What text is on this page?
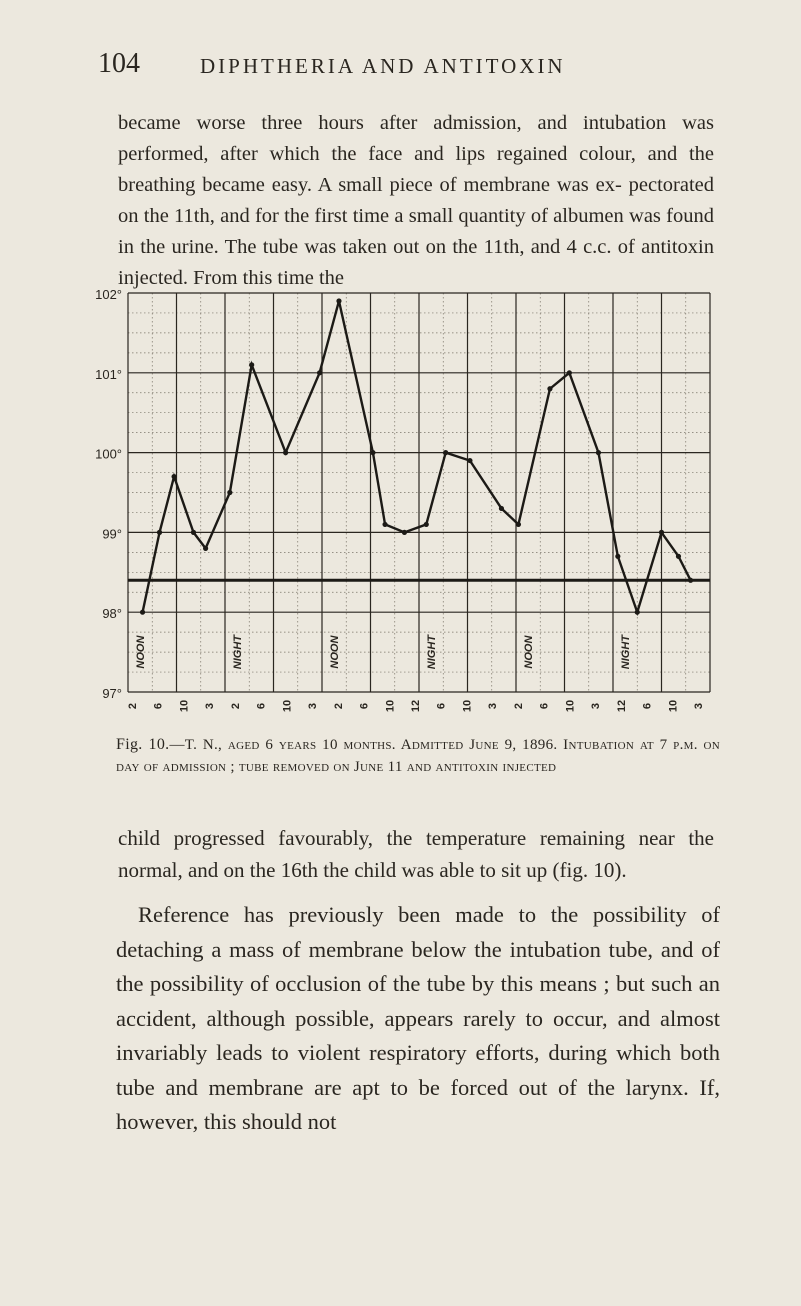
104	DIPHTHERIA AND ANTITOXIN

became worse three hours after admission, and intubation was performed, after which the face and lips regained colour, and the breathing became easy. A small piece of membrane was ex- pectorated on the 11th, and for the first time a small quantity of albumen was found in the urine. The tube was taken out on the 11th, and 4 c.c. of antitoxin injected. From this time the

102°
101°
100°
99°
98°
97°
NOON	NIGHT	NOON	NIGHT	NOON	NIGHT
2 6 10 3 2 6 10 3 2 6 10 12 6 10 3 2 6 10 3 12 6 10 3

Fig. 10.—T. N., aged 6 years 10 months. Admitted June 9, 1896. Intubation at 7 p.m. on day of admission ; tube removed on June 11 and antitoxin injected

child progressed favourably, the temperature remaining near the normal, and on the 16th the child was able to sit up (fig. 10).

Reference has previously been made to the possibility of detaching a mass of membrane below the intubation tube, and of the possibility of occlusion of the tube by this means ; but such an accident, although possible, appears rarely to occur, and almost invariably leads to violent respiratory efforts, during which both tube and membrane are apt to be forced out of the larynx. If, however, this should not
